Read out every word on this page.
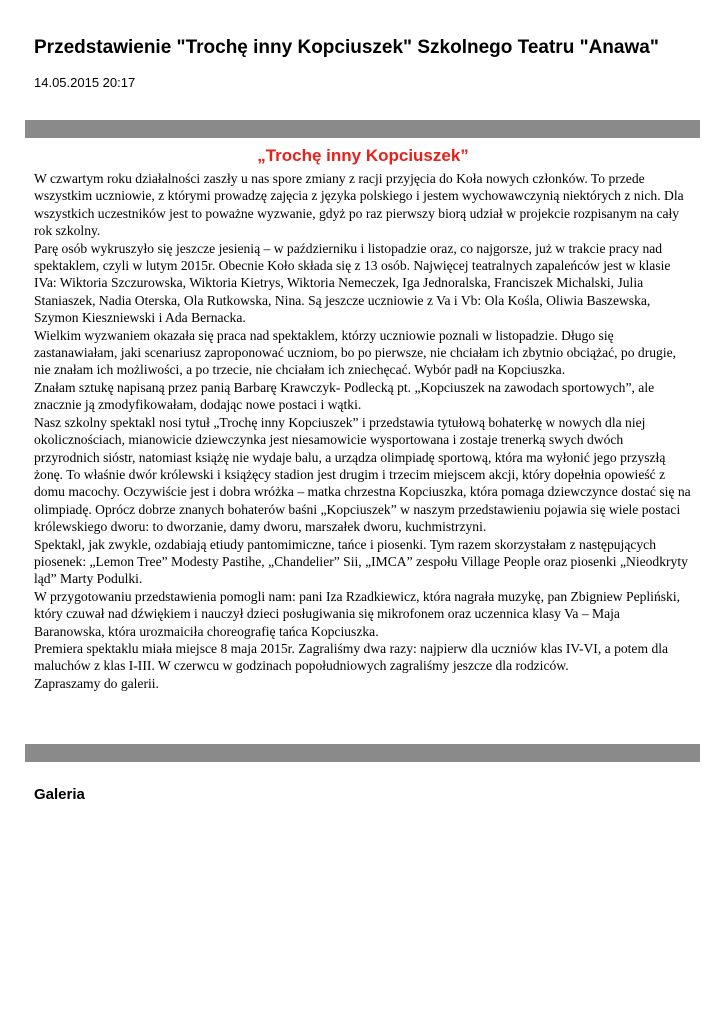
Przedstawienie "Trochę inny Kopciuszek" Szkolnego Teatru "Anawa"
14.05.2015 20:17
„Trochę inny Kopciuszek”

W czwartym roku działalności zaszły u nas spore zmiany z racji przyjęcia do Koła nowych członków. To przede wszystkim uczniowie, z którymi prowadzę zajęcia z języka polskiego i jestem wychowawczynią niektórych z nich. Dla wszystkich uczestników jest to poważne wyzwanie, gdyż po raz pierwszy biorą udział w projekcie rozpisanym na cały rok szkolny.

Parę osób wykruszyło się jeszcze jesienią – w październiku i listopadzie oraz, co najgorsze, już w trakcie pracy nad spektaklem, czyli w lutym 2015r. Obecnie Koło składa się z 13 osób. Najwięcej teatralnych zapaleńców jest w klasie IVa: Wiktoria Szczurowska, Wiktoria Kietrys, Wiktoria Nemeczek, Iga Jednoralska, Franciszek Michalski, Julia Staniaszek, Nadia Oterska, Ola Rutkowska, Nina. Są jeszcze uczniowie z Va i Vb: Ola Kośla, Oliwia Baszewska, Szymon Kieszniewski i Ada Bernacka.

Wielkim wyzwaniem okazała się praca nad spektaklem, którzy uczniowie poznali w listopadzie. Długo się zastanawiałam, jaki scenariusz zaproponować uczniom, bo po pierwsze, nie chciałam ich zbytnio obciążać, po drugie, nie znałam ich możliwości, a po trzecie, nie chciałam ich zniechęcać. Wybór padł na Kopciuszka.

Znałam sztukę napisaną przez panią Barbarę Krawczyk- Podlecką pt. „Kopciuszek na zawodach sportowych”, ale znacznie ją zmodyfikowałam, dodając nowe postaci i wątki.

Nasz szkolny spektakl nosi tytuł „Trochę inny Kopciuszek” i przedstawia tytułową bohaterkę w nowych dla niej okolicznościach, mianowicie dziewczynka jest niesamowicie wysportowana i zostaje trenerką swych dwóch przyrodnich sióstr, natomiast książę nie wydaje balu, a urządza olimpiadę sportową, która ma wyłonić jego przyszłą żonę. To właśnie dwór królewski i książęcy stadion jest drugim i trzecim miejscem akcji, który dopełnia opowieść z domu macochy. Oczywiście jest i dobra wróżka – matka chrzestna Kopciuszka, która pomaga dziewczynce dostać się na olimpiadę. Oprócz dobrze znanych bohaterów baśni „Kopciuszek” w naszym przedstawieniu pojawia się wiele postaci królewskiego dworu: to dworzanie, damy dworu, marszałek dworu, kuchmistrzyni.

Spektakl, jak zwykle, ozdabiają etiudy pantomimiczne, tańce i piosenki. Tym razem skorzystałam z następujących piosenek: „Lemon Tree” Modesty Pastihe, „Chandelier” Sii, „IMCA” zespołu Village People oraz piosenki „Nieodkryty ląd” Marty Podulki.

W przygotowaniu przedstawienia pomogli nam: pani Iza Rzadkiewicz, która nagrała muzykę, pan Zbigniew Pepliński, który czuwał nad dźwiękiem i nauczył dzieci posługiwania się mikrofonem oraz uczennica klasy Va – Maja Baranowska, która urozmaiciła choreografię tańca Kopciuszka.

Premiera spektaklu miała miejsce 8 maja 2015r. Zagraliśmy dwa razy: najpierw dla uczniów klas IV-VI, a potem dla maluchów z klas I-III. W czerwcu w godzinach popołudniowych zagraliśmy jeszcze dla rodziców.

Zapraszamy do galerii.

Galeria
